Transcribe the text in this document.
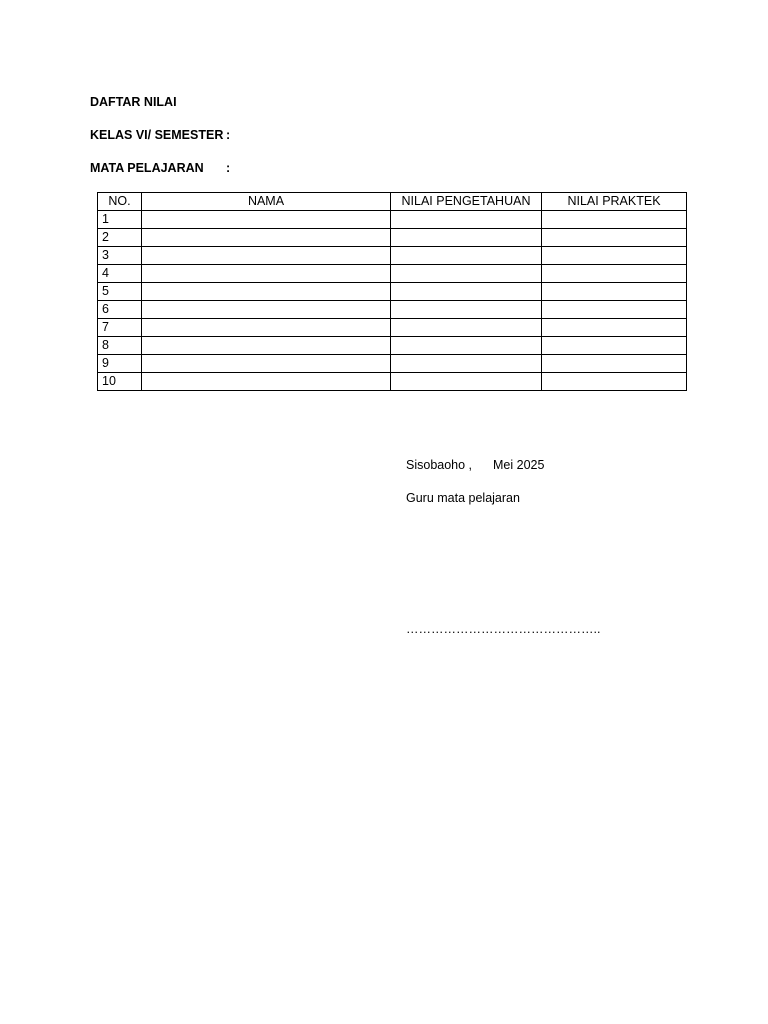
DAFTAR NILAI
KELAS VI/ SEMESTER :
MATA PELAJARAN :
NO.	NAMA	NILAI PENGETAHUAN	NILAI PRAKTEK
1			
2			
3			
4			
5			
6			
7			
8			
9			
10			
Sisobaoho , Mei 2025
Guru mata pelajaran
………………………………………..
